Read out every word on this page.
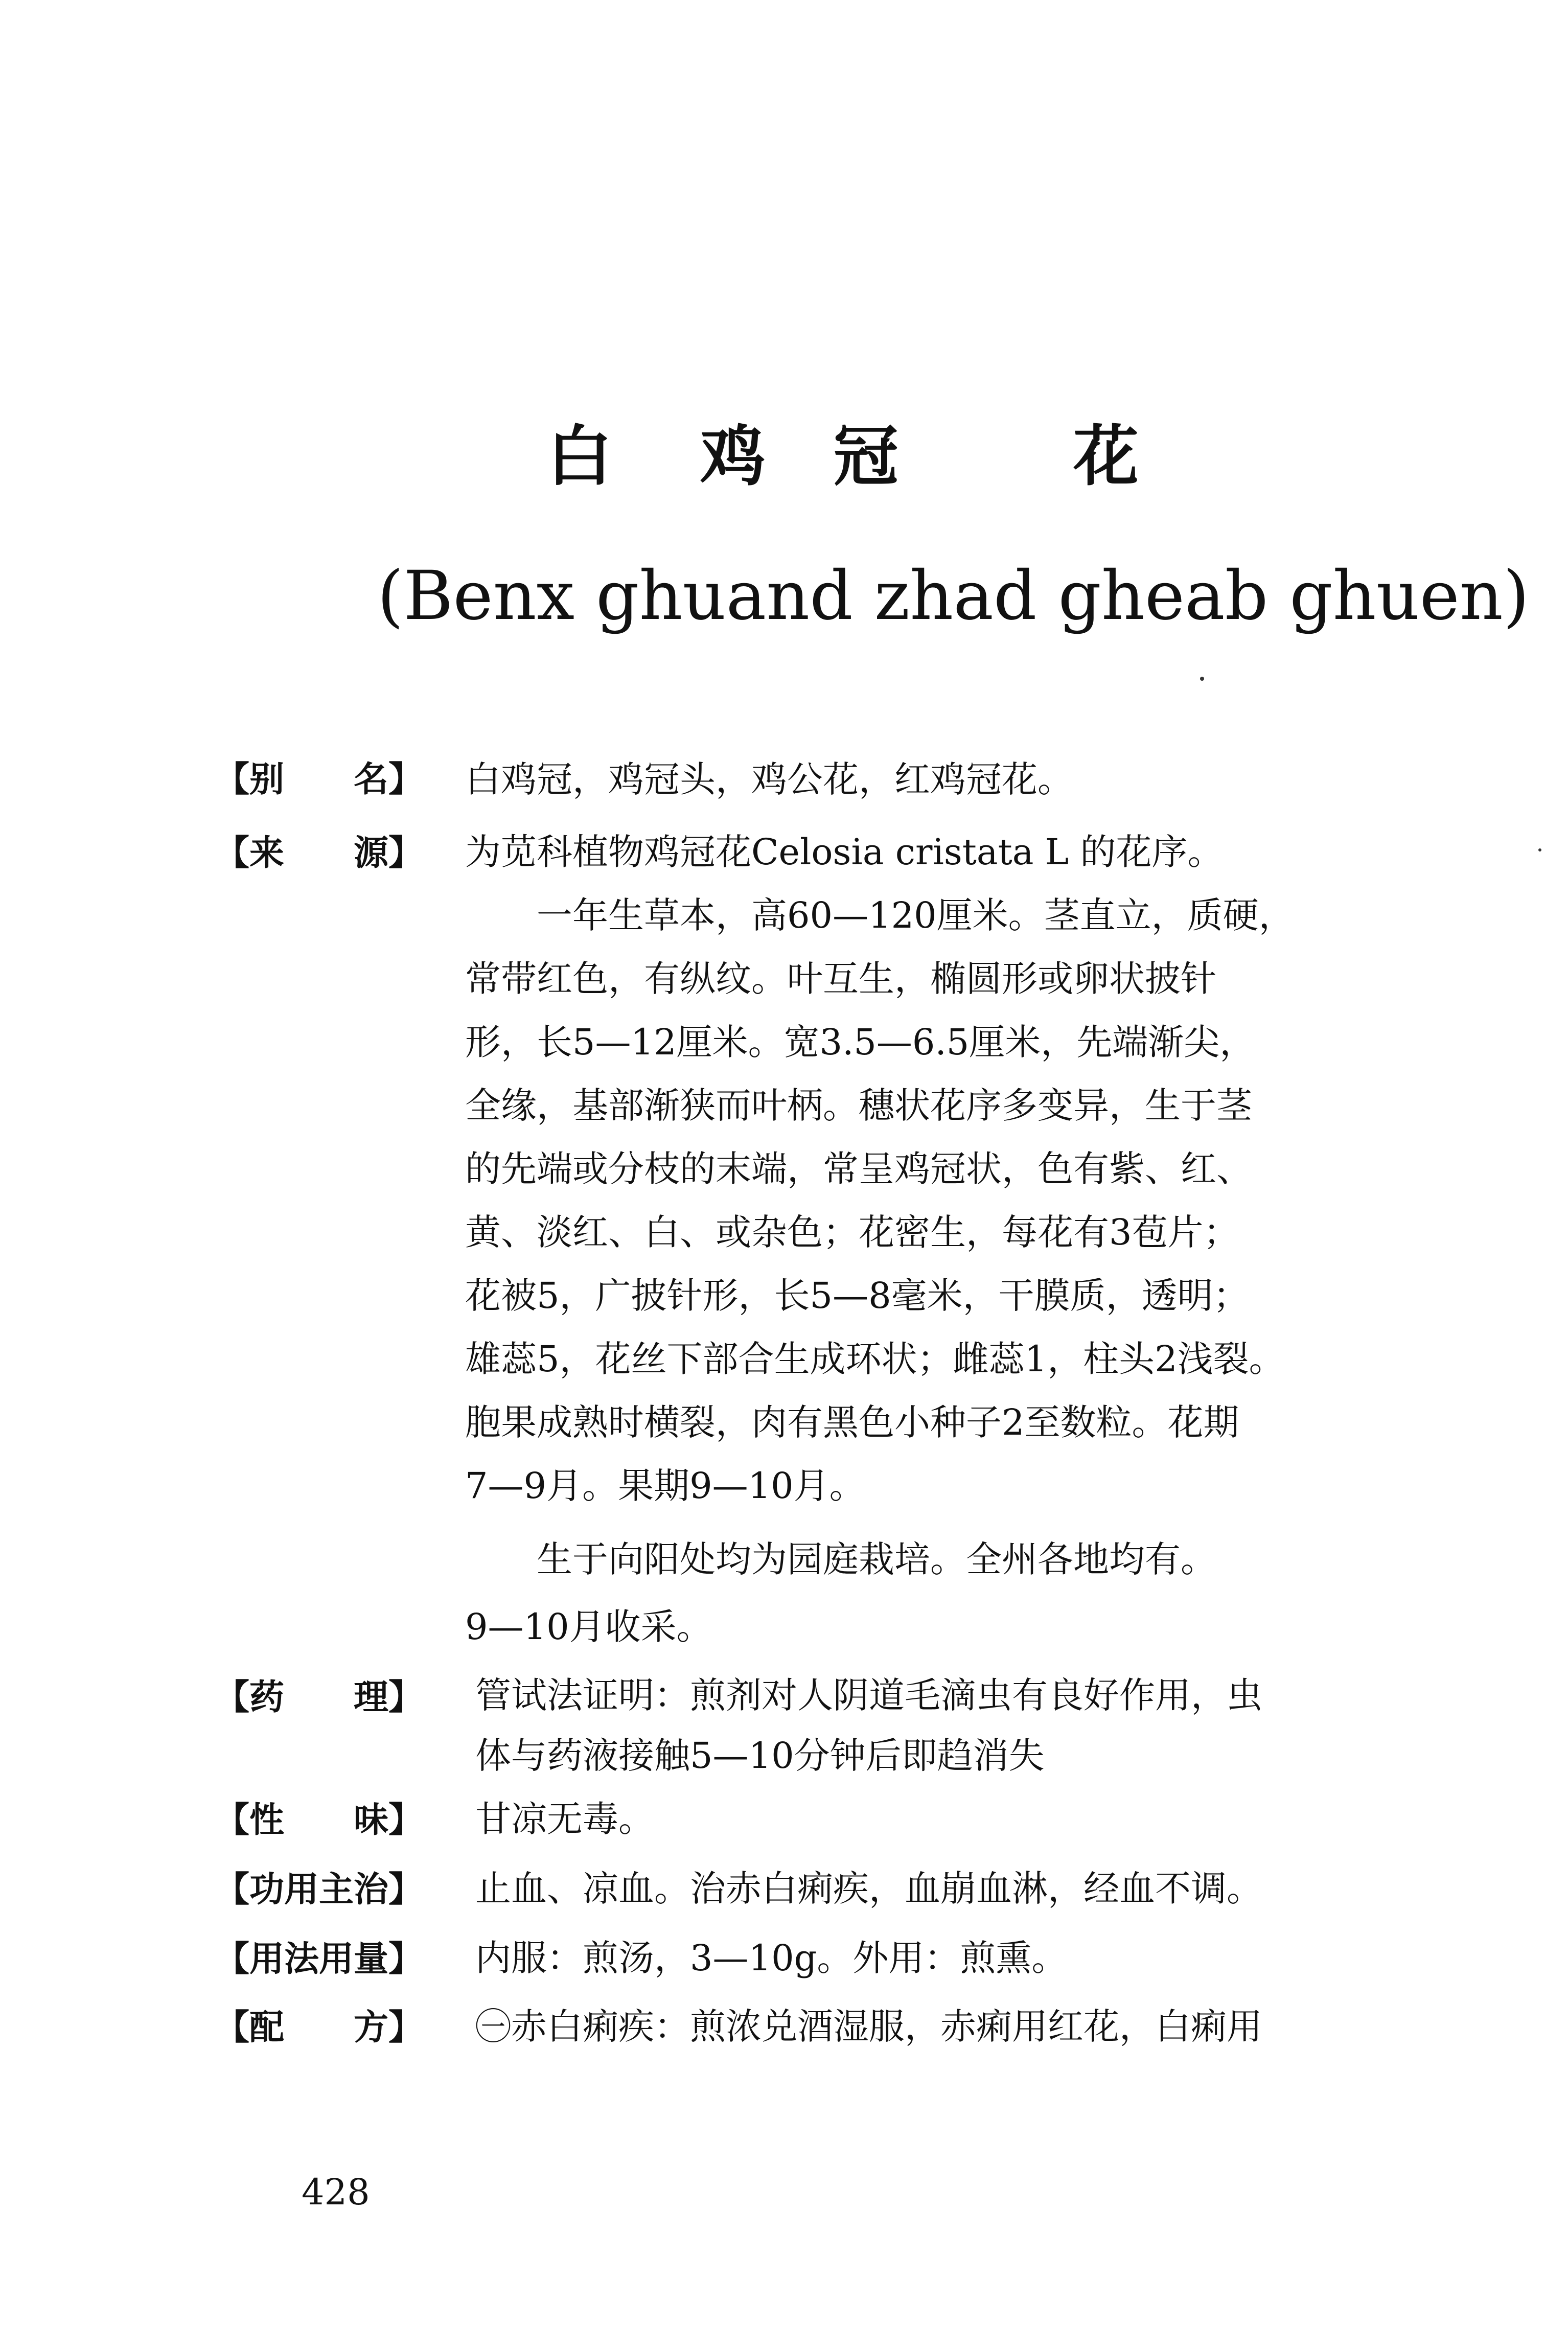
白 鸡 冠	花
(Benx ghuand zhad gheab ghuen)
【别　　名】
【来　　源】
【药　　理】
【性　　味】
【功用主治】
【用法用量】
【配　　方】
白鸡冠，鸡冠头，鸡公花，红鸡冠花。
为苋科植物鸡冠花Celosia cristata L 的花序。
　　一年生草本，高60—120厘米。茎直立，质硬，
常带红色，有纵纹。叶互生，椭圆形或卵状披针
形，长5—12厘米。宽3.5—6.5厘米，先端渐尖，
全缘，基部渐狭而叶柄。穗状花序多变异，生于茎
的先端或分枝的末端，常呈鸡冠状，色有紫、红、
黄、淡红、白、或杂色；花密生，每花有3苞片；
花被5，广披针形，长5—8毫米，干膜质，透明；
雄蕊5，花丝下部合生成环状；雌蕊1，柱头2浅裂。
胞果成熟时横裂，肉有黑色小种子2至数粒。花期
7—9月。果期9—10月。
　　生于向阳处均为园庭栽培。全州各地均有。
9—10月收采。
管试法证明：煎剂对人阴道毛滴虫有良好作用，虫
体与药液接触5—10分钟后即趋消失
甘凉无毒。
止血、凉血。治赤白痢疾，血崩血淋，经血不调。
内服：煎汤，3—10g。外用：煎熏。
㊀赤白痢疾：煎浓兑酒湿服，赤痢用红花，白痢用
428
